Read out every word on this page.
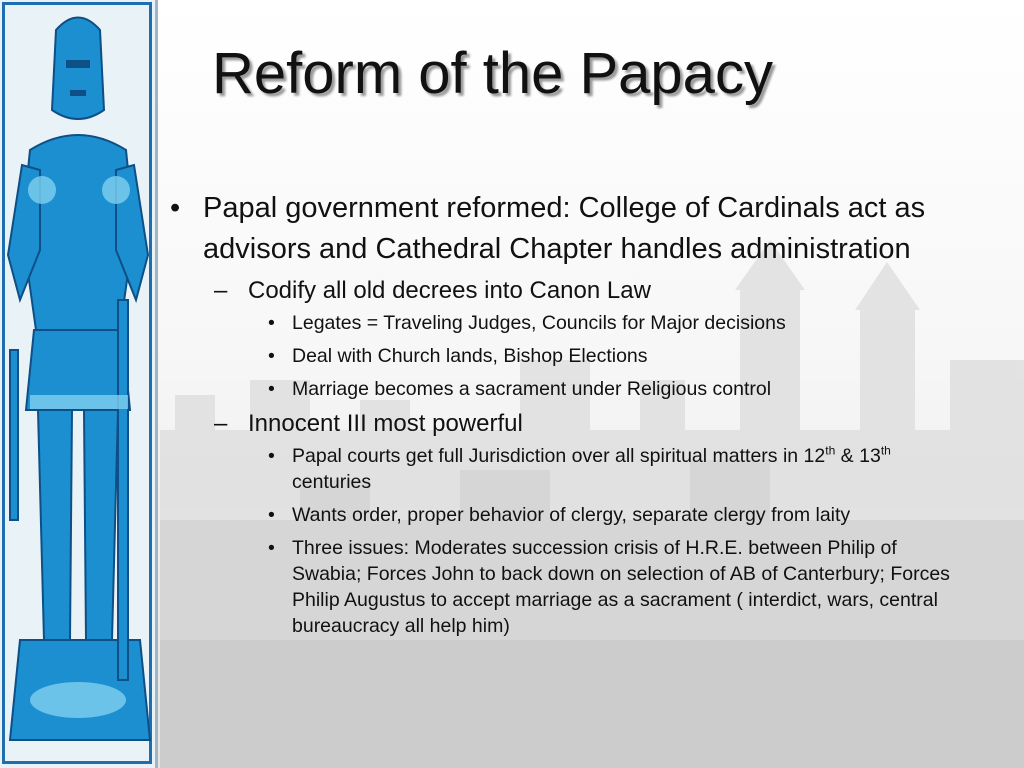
Reform of the Papacy
• Papal government reformed: College of Cardinals act as advisors and Cathedral Chapter handles administration
– Codify all old decrees into Canon Law
• Legates = Traveling Judges, Councils for Major decisions
• Deal with Church lands, Bishop Elections
• Marriage becomes a sacrament under Religious control
– Innocent III most powerful
• Papal courts get full Jurisdiction over all spiritual matters in 12th & 13th centuries
• Wants order, proper behavior of clergy, separate clergy from laity
• Three issues: Moderates succession crisis of H.R.E. between Philip of Swabia; Forces John to back down on selection of AB of Canterbury; Forces Philip Augustus to accept marriage as a sacrament ( interdict, wars, central bureaucracy all help him)
